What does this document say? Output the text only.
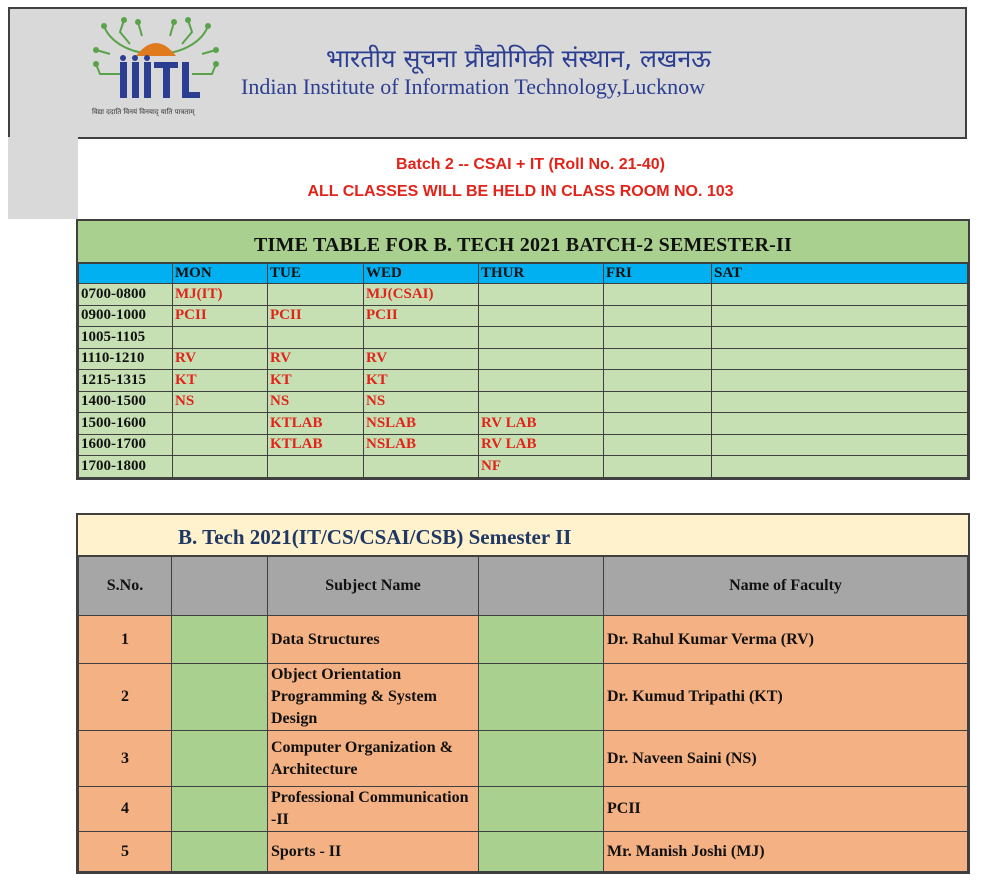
विद्या ददाति विनयं विनयाद् याति पात्रताम्
भारतीय सूचना प्रौद्योगिकी संस्थान, लखनऊ
Indian Institute of Information Technology,Lucknow
Batch 2 -- CSAI + IT (Roll No. 21-40)
ALL CLASSES WILL BE HELD IN CLASS ROOM NO. 103
TIME TABLE FOR B. TECH 2021 BATCH-2 SEMESTER-II
	MON	TUE	WED	THUR	FRI	SAT
0700-0800	MJ(IT)		MJ(CSAI)			
0900-1000	PCII	PCII	PCII			
1005-1105						
1110-1210	RV	RV	RV			
1215-1315	KT	KT	KT			
1400-1500	NS	NS	NS			
1500-1600		KTLAB	NSLAB	RV LAB		
1600-1700		KTLAB	NSLAB	RV LAB		
1700-1800				NF		
B. Tech 2021(IT/CS/CSAI/CSB) Semester II
S.No.		Subject Name		Name of Faculty
1		Data Structures		Dr. Rahul Kumar Verma (RV)
2		Object Orientation Programming & System Design		Dr. Kumud Tripathi (KT)
3		Computer Organization & Architecture		Dr. Naveen Saini (NS)
4		Professional Communication -II		PCII
5		Sports - II		Mr. Manish Joshi (MJ)
